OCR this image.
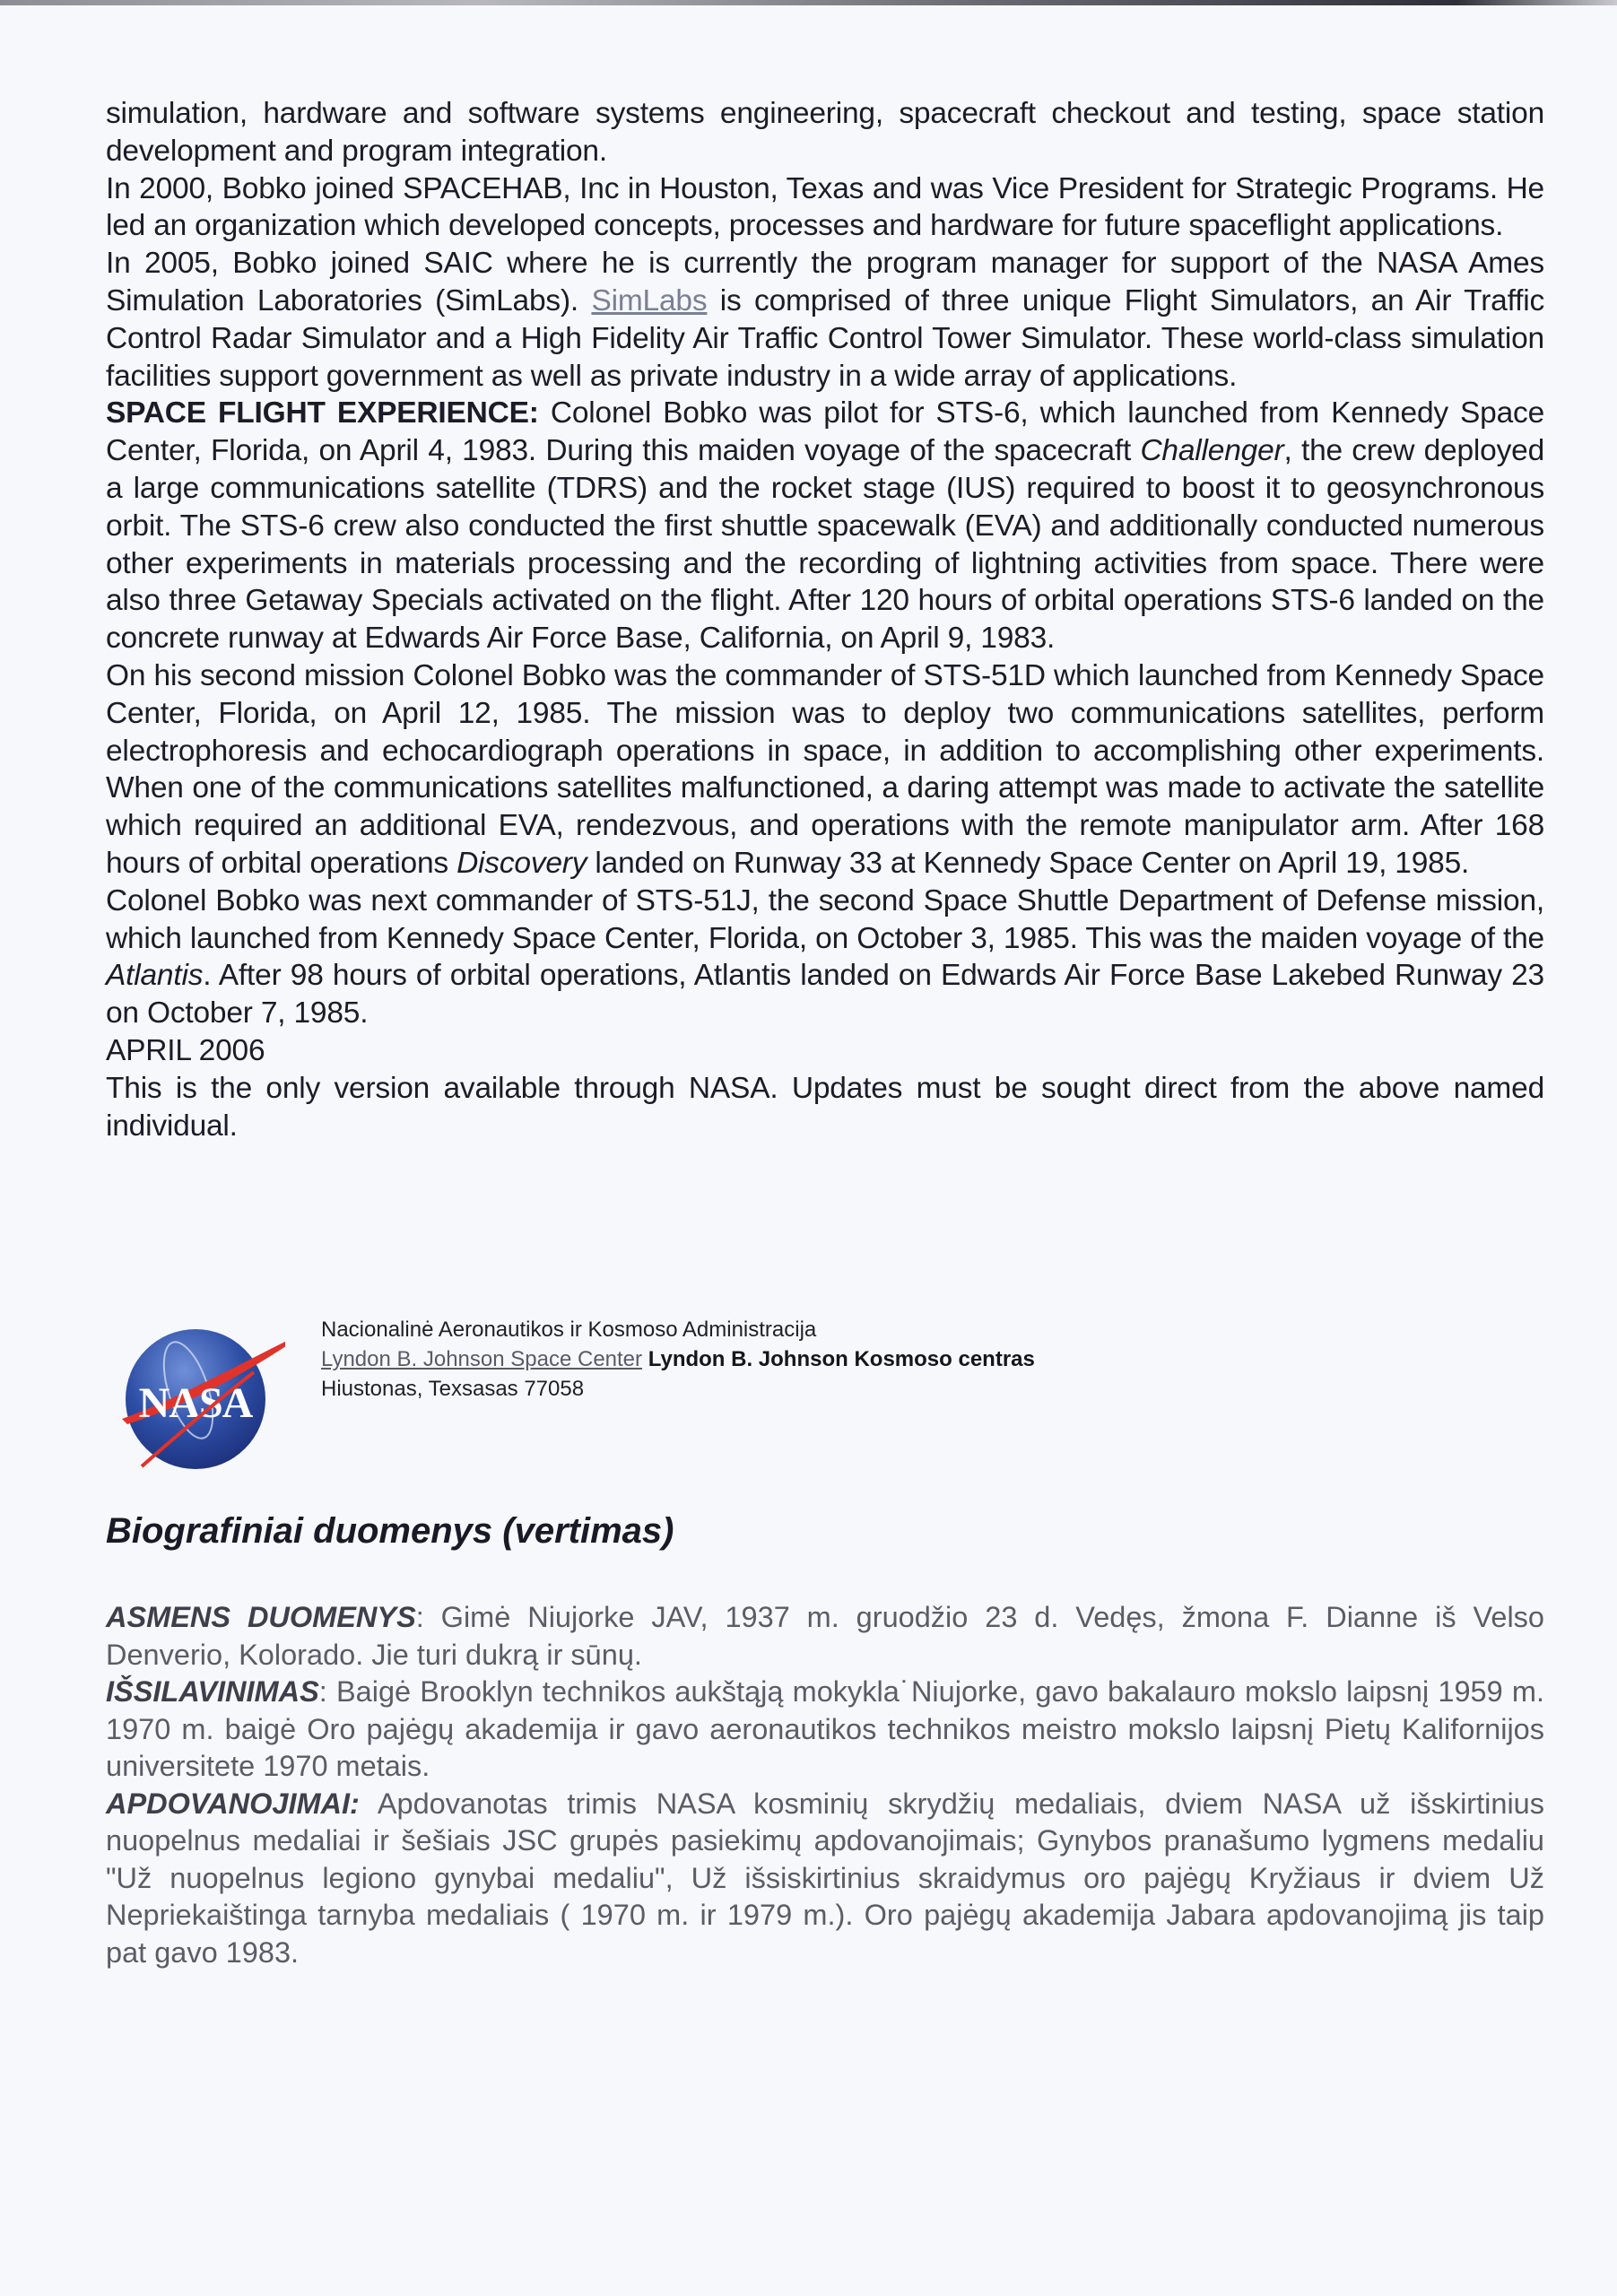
simulation, hardware and software systems engineering, spacecraft checkout and testing, space station development and program integration.

In 2000, Bobko joined SPACEHAB, Inc in Houston, Texas and was Vice President for Strategic Programs. He led an organization which developed concepts, processes and hardware for future spaceflight applications.

In 2005, Bobko joined SAIC where he is currently the program manager for support of the NASA Ames Simulation Laboratories (SimLabs). SimLabs is comprised of three unique Flight Simulators, an Air Traffic Control Radar Simulator and a High Fidelity Air Traffic Control Tower Simulator. These world-class simulation facilities support government as well as private industry in a wide array of applications.

SPACE FLIGHT EXPERIENCE: Colonel Bobko was pilot for STS-6, which launched from Kennedy Space Center, Florida, on April 4, 1983. During this maiden voyage of the spacecraft Challenger, the crew deployed a large communications satellite (TDRS) and the rocket stage (IUS) required to boost it to geosynchronous orbit. The STS-6 crew also conducted the first shuttle spacewalk (EVA) and additionally conducted numerous other experiments in materials processing and the recording of lightning activities from space. There were also three Getaway Specials activated on the flight. After 120 hours of orbital operations STS-6 landed on the concrete runway at Edwards Air Force Base, California, on April 9, 1983.

On his second mission Colonel Bobko was the commander of STS-51D which launched from Kennedy Space Center, Florida, on April 12, 1985. The mission was to deploy two communications satellites, perform electrophoresis and echocardiograph operations in space, in addition to accomplishing other experiments. When one of the communications satellites malfunctioned, a daring attempt was made to activate the satellite which required an additional EVA, rendezvous, and operations with the remote manipulator arm. After 168 hours of orbital operations Discovery landed on Runway 33 at Kennedy Space Center on April 19, 1985.

Colonel Bobko was next commander of STS-51J, the second Space Shuttle Department of Defense mission, which launched from Kennedy Space Center, Florida, on October 3, 1985. This was the maiden voyage of the Atlantis. After 98 hours of orbital operations, Atlantis landed on Edwards Air Force Base Lakebed Runway 23 on October 7, 1985.

APRIL 2006

This is the only version available through NASA. Updates must be sought direct from the above named individual.

NASA
Nacionalinė Aeronautikos ir Kosmoso Administracija
Lyndon B. Johnson Space Center Lyndon B. Johnson Kosmoso centras
Hiustonas, Texsasas 77058
Biografiniai duomenys (vertimas)
ASMENS DUOMENYS: Gimė Niujorke JAV, 1937 m. gruodžio 23 d. Vedęs, žmona F. Dianne iš Velso Denverio, Kolorado. Jie turi dukrą ir sūnų.
IŠSILAVINIMAS: Baigė Brooklyn technikos aukštąją mokykla˙Niujorke, gavo bakalauro mokslo laipsnį 1959 m. 1970 m. baigė Oro pajėgų akademija ir gavo aeronautikos technikos meistro mokslo laipsnį Pietų Kalifornijos universitete 1970 metais.
APDOVANOJIMAI: Apdovanotas trimis NASA kosminių skrydžių medaliais, dviem NASA už išskirtinius nuopelnus medaliai ir šešiais JSC grupės pasiekimų apdovanojimais; Gynybos pranašumo lygmens medaliu "Už nuopelnus legiono gynybai medaliu", Už išsiskirtinius skraidymus oro pajėgų Kryžiaus ir dviem Už Nepriekaištinga tarnyba medaliais ( 1970 m. ir 1979 m.). Oro pajėgų akademija Jabara apdovanojimą jis taip pat gavo 1983.
